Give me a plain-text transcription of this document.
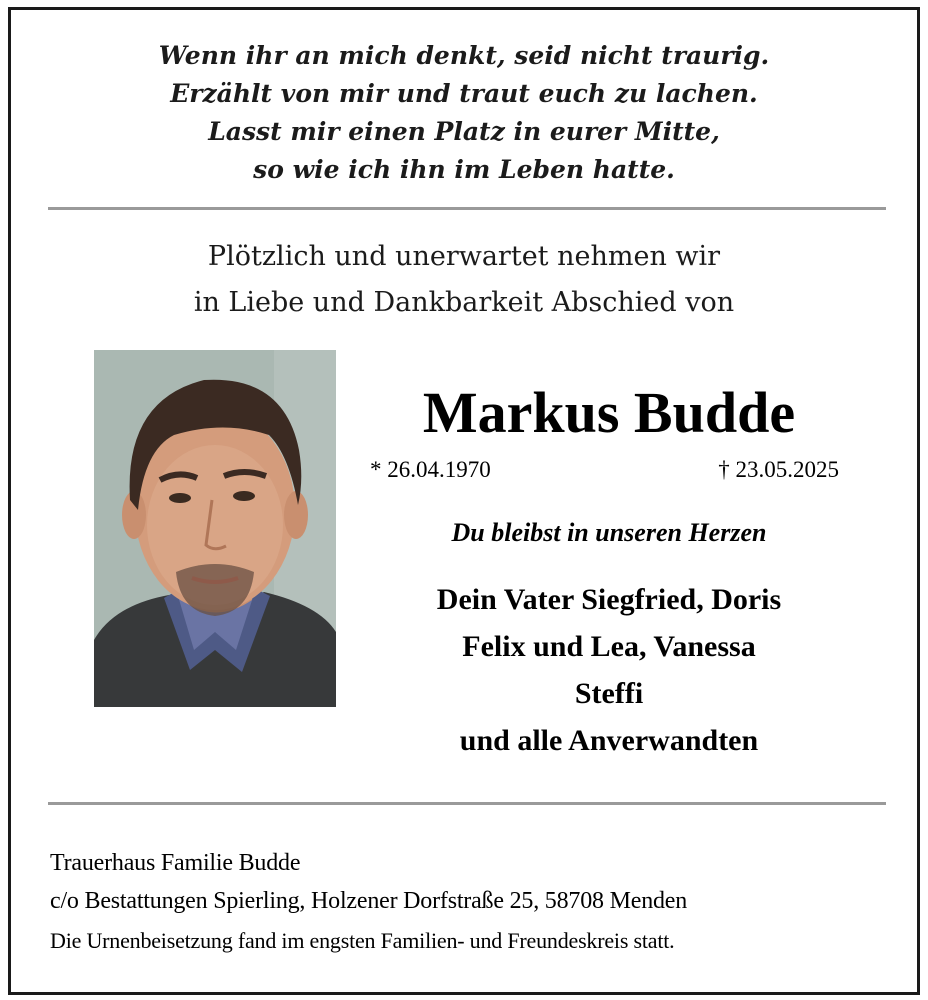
Wenn ihr an mich denkt, seid nicht traurig.
Erzählt von mir und traut euch zu lachen.
Lasst mir einen Platz in eurer Mitte,
so wie ich ihn im Leben hatte.
Plötzlich und unerwartet nehmen wir
in Liebe und Dankbarkeit Abschied von
Markus Budde
* 26.04.1970	† 23.05.2025
Du bleibst in unseren Herzen
Dein Vater Siegfried, Doris
Felix und Lea, Vanessa
Steffi
und alle Anverwandten
Trauerhaus Familie Budde
c/o Bestattungen Spierling, Holzener Dorfstraße 25, 58708 Menden
Die Urnenbeisetzung fand im engsten Familien- und Freundeskreis statt.
